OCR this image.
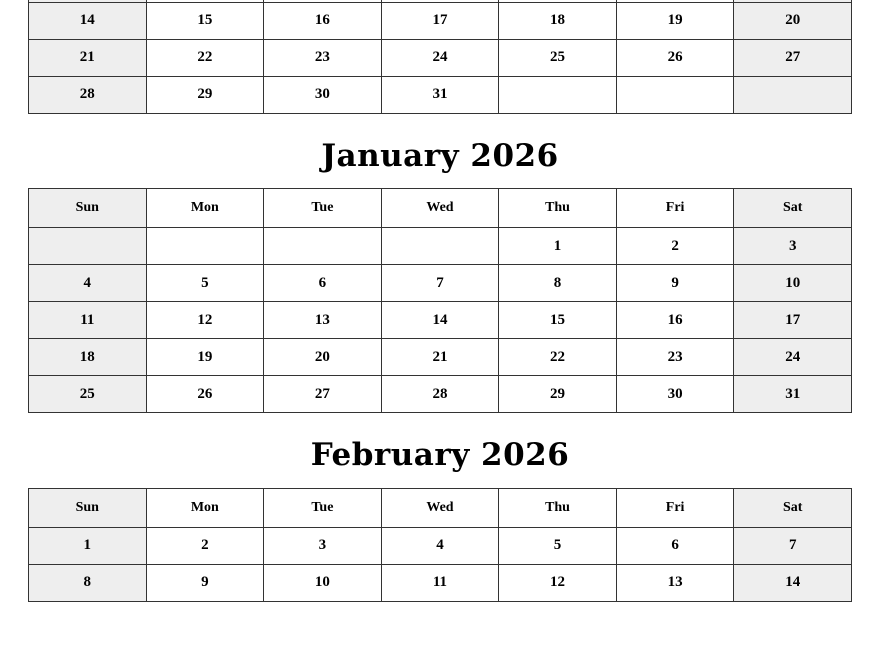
14	15	16	17	18	19	20
21	22	23	24	25	26	27
28	29	30	31			
January 2026
Sun	Mon	Tue	Wed	Thu	Fri	Sat
				1	2	3
4	5	6	7	8	9	10
11	12	13	14	15	16	17
18	19	20	21	22	23	24
25	26	27	28	29	30	31
February 2026
Sun	Mon	Tue	Wed	Thu	Fri	Sat
1	2	3	4	5	6	7
8	9	10	11	12	13	14
